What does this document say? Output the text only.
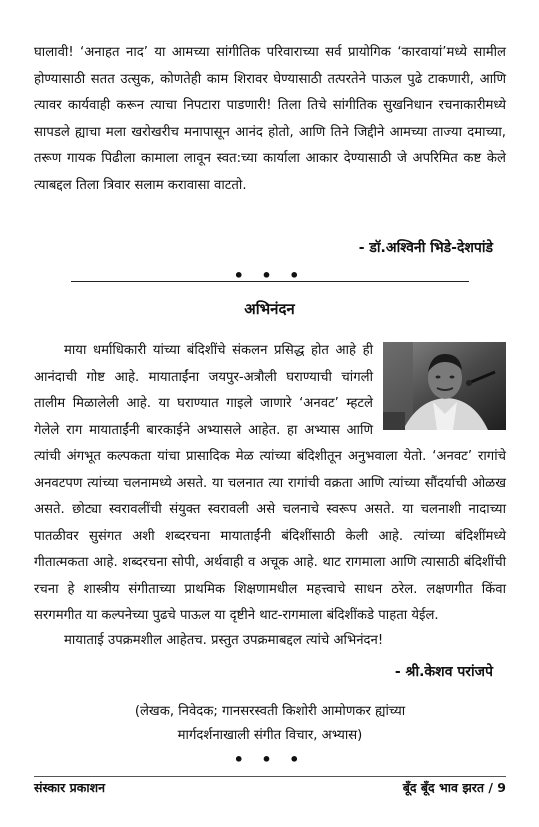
घालावी! ‘अनाहत नाद’ या आमच्या सांगीतिक परिवाराच्या सर्व प्रायोगिक ‘कारवायां’मध्ये सामील होण्यासाठी सतत उत्सुक, कोणतेही काम शिरावर घेण्यासाठी तत्परतेने पाऊल पुढे टाकणारी, आणि त्यावर कार्यवाही करून त्याचा निपटारा पाडणारी! तिला तिचे सांगीतिक सुखनिधान रचनाकारीमध्ये सापडले ह्याचा मला खरोखरीच मनापासून आनंद होतो, आणि तिने जिद्दीने आमच्या ताज्या दमाच्या, तरूण गायक पिढीला कामाला लावून स्वत:च्या कार्याला आकार देण्यासाठी जे अपरिमित कष्ट केले त्याबद्दल तिला त्रिवार सलाम करावासा वाटतो.

- डॉ.अश्विनी भिडे-देशपांडे

• • •

अभिनंदन

माया धर्माधिकारी यांच्या बंदिशींचे संकलन प्रसिद्ध होत आहे ही आनंदाची गोष्ट आहे. मायाताईंना जयपुर-अत्रौली घराण्याची चांगली तालीम मिळालेली आहे. या घराण्यात गाइले जाणारे ‘अनवट’ म्हटले गेलेले राग मायाताईंनी बारकाईने अभ्यासले आहेत. हा अभ्यास आणि त्यांची अंगभूत कल्पकता यांचा प्रासादिक मेळ त्यांच्या बंदिशीतून अनुभवाला येतो. ‘अनवट’ रागांचे अनवटपण त्यांच्या चलनामध्ये असते. या चलनात त्या रागांची वक्रता आणि त्यांच्या सौंदर्याची ओळख असते. छोट्या स्वरावलींची संयुक्त स्वरावली असे चलनाचे स्वरूप असते. या चलनाशी नादाच्या पातळीवर सुसंगत अशी शब्दरचना मायाताईंनी बंदिशींसाठी केली आहे. त्यांच्या बंदिशींमध्ये गीतात्मकता आहे. शब्दरचना सोपी, अर्थवाही व अचूक आहे. थाट रागमाला आणि त्यासाठी बंदिशींची रचना हे शास्त्रीय संगीताच्या प्राथमिक शिक्षणामधील महत्त्वाचे साधन ठरेल. लक्षणगीत किंवा सरगमगीत या कल्पनेच्या पुढचे पाऊल या दृष्टीने थाट-रागमाला बंदिशींकडे पाहता येईल.

मायाताई उपक्रमशील आहेतच. प्रस्तुत उपक्रमाबद्दल त्यांचे अभिनंदन!

- श्री.केशव परांजपे

(लेखक, निवेदक; गानसरस्वती किशोरी आमोणकर ह्यांच्या
मार्गदर्शनाखाली संगीत विचार, अभ्यास)

• • •

संस्कार प्रकाशन	बूँद बूँद भाव झरत / 9
